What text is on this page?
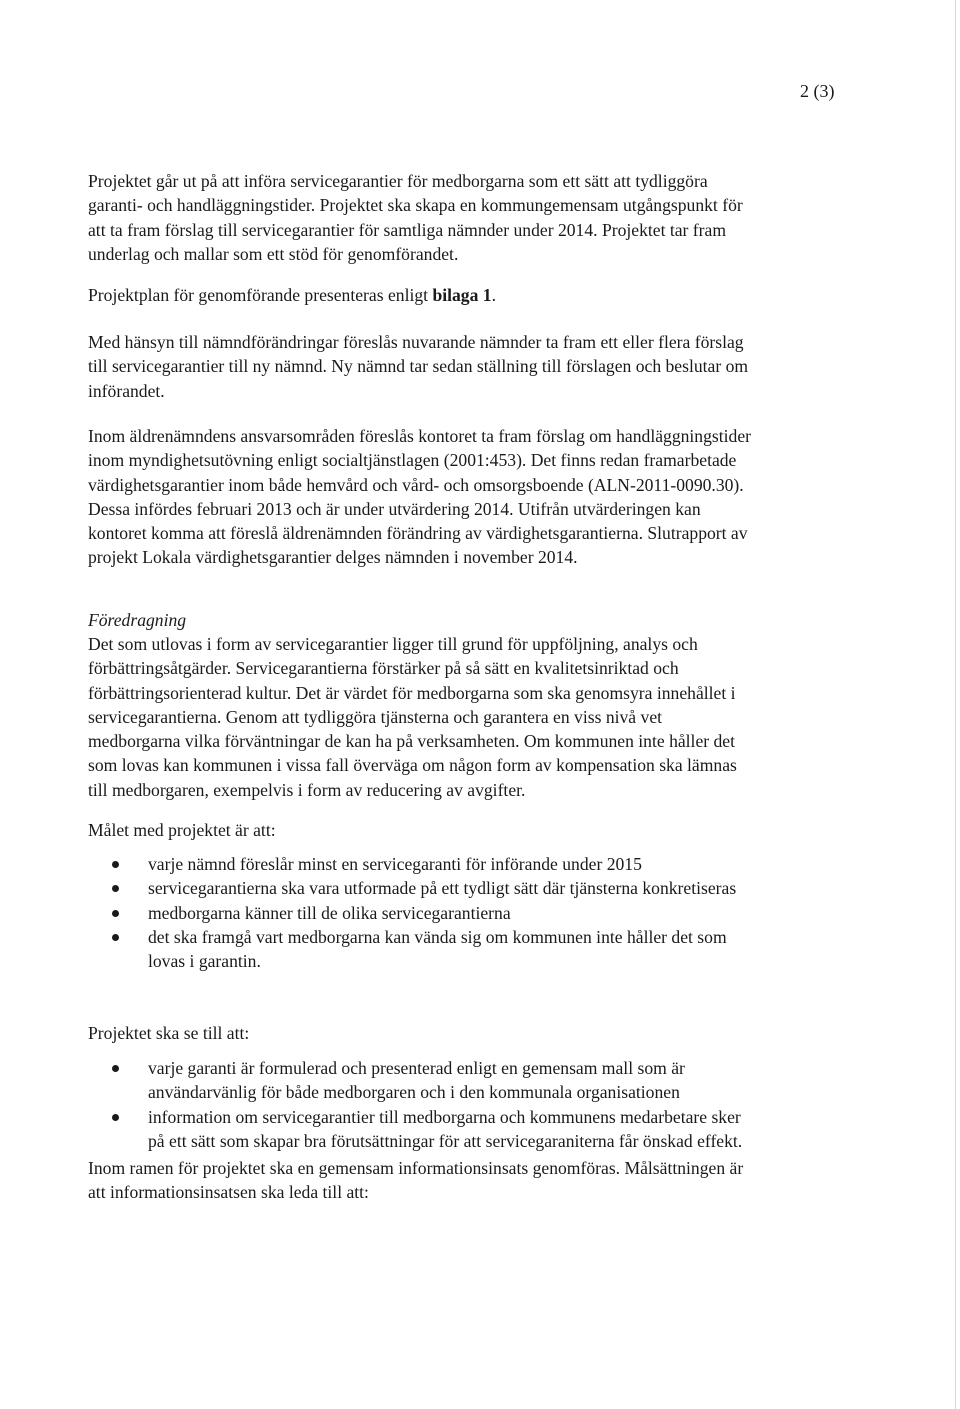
2 (3)

Projektet går ut på att införa servicegarantier för medborgarna som ett sätt att tydliggöra
garanti- och handläggningstider. Projektet ska skapa en kommungemensam utgångspunkt för
att ta fram förslag till servicegarantier för samtliga nämnder under 2014. Projektet tar fram
underlag och mallar som ett stöd för genomförandet.

Projektplan för genomförande presenteras enligt bilaga 1.

Med hänsyn till nämndförändringar föreslås nuvarande nämnder ta fram ett eller flera förslag
till servicegarantier till ny nämnd. Ny nämnd tar sedan ställning till förslagen och beslutar om
införandet.

Inom äldrenämndens ansvarsområden föreslås kontoret ta fram förslag om handläggningstider
inom myndighetsutövning enligt socialtjänstlagen (2001:453). Det finns redan framarbetade
värdighetsgarantier inom både hemvård och vård- och omsorgsboende (ALN-2011-0090.30).
Dessa infördes februari 2013 och är under utvärdering 2014. Utifrån utvärderingen kan
kontoret komma att föreslå äldrenämnden förändring av värdighetsgarantierna. Slutrapport av
projekt Lokala värdighetsgarantier delges nämnden i november 2014.

Föredragning

Det som utlovas i form av servicegarantier ligger till grund för uppföljning, analys och
förbättringsåtgärder. Servicegarantierna förstärker på så sätt en kvalitetsinriktad och
förbättringsorienterad kultur. Det är värdet för medborgarna som ska genomsyra innehållet i
servicegarantierna. Genom att tydliggöra tjänsterna och garantera en viss nivå vet
medborgarna vilka förväntningar de kan ha på verksamheten. Om kommunen inte håller det
som lovas kan kommunen i vissa fall överväga om någon form av kompensation ska lämnas
till medborgaren, exempelvis i form av reducering av avgifter.

Målet med projektet är att:

varje nämnd föreslår minst en servicegaranti för införande under 2015
servicegarantierna ska vara utformade på ett tydligt sätt där tjänsterna konkretiseras
medborgarna känner till de olika servicegarantierna
det ska framgå vart medborgarna kan vända sig om kommunen inte håller det som
lovas i garantin.

Projektet ska se till att:

varje garanti är formulerad och presenterad enligt en gemensam mall som är
användarvänlig för både medborgaren och i den kommunala organisationen
information om servicegarantier till medborgarna och kommunens medarbetare sker
på ett sätt som skapar bra förutsättningar för att servicegaraniterna får önskad effekt.

Inom ramen för projektet ska en gemensam informationsinsats genomföras. Målsättningen är
att informationsinsatsen ska leda till att:
